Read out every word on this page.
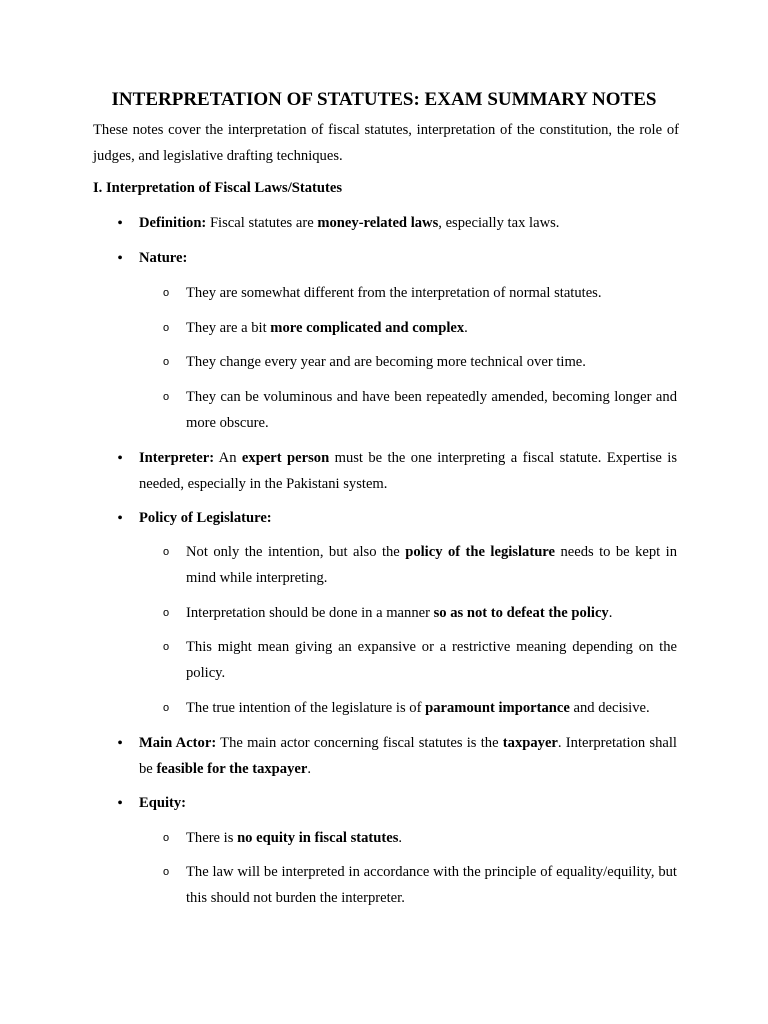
INTERPRETATION OF STATUTES: EXAM SUMMARY NOTES

These notes cover the interpretation of fiscal statutes, interpretation of the constitution, the role of judges, and legislative drafting techniques.

I. Interpretation of Fiscal Laws/Statutes
• Definition: Fiscal statutes are money-related laws, especially tax laws.
• Nature:
o They are somewhat different from the interpretation of normal statutes.
o They are a bit more complicated and complex.
o They change every year and are becoming more technical over time.
o They can be voluminous and have been repeatedly amended, becoming longer and more obscure.
• Interpreter: An expert person must be the one interpreting a fiscal statute. Expertise is needed, especially in the Pakistani system.
• Policy of Legislature:
o Not only the intention, but also the policy of the legislature needs to be kept in mind while interpreting.
o Interpretation should be done in a manner so as not to defeat the policy.
o This might mean giving an expansive or a restrictive meaning depending on the policy.
o The true intention of the legislature is of paramount importance and decisive.
• Main Actor: The main actor concerning fiscal statutes is the taxpayer. Interpretation shall be feasible for the taxpayer.
• Equity:
o There is no equity in fiscal statutes.
o The law will be interpreted in accordance with the principle of equality/equility, but this should not burden the interpreter.
